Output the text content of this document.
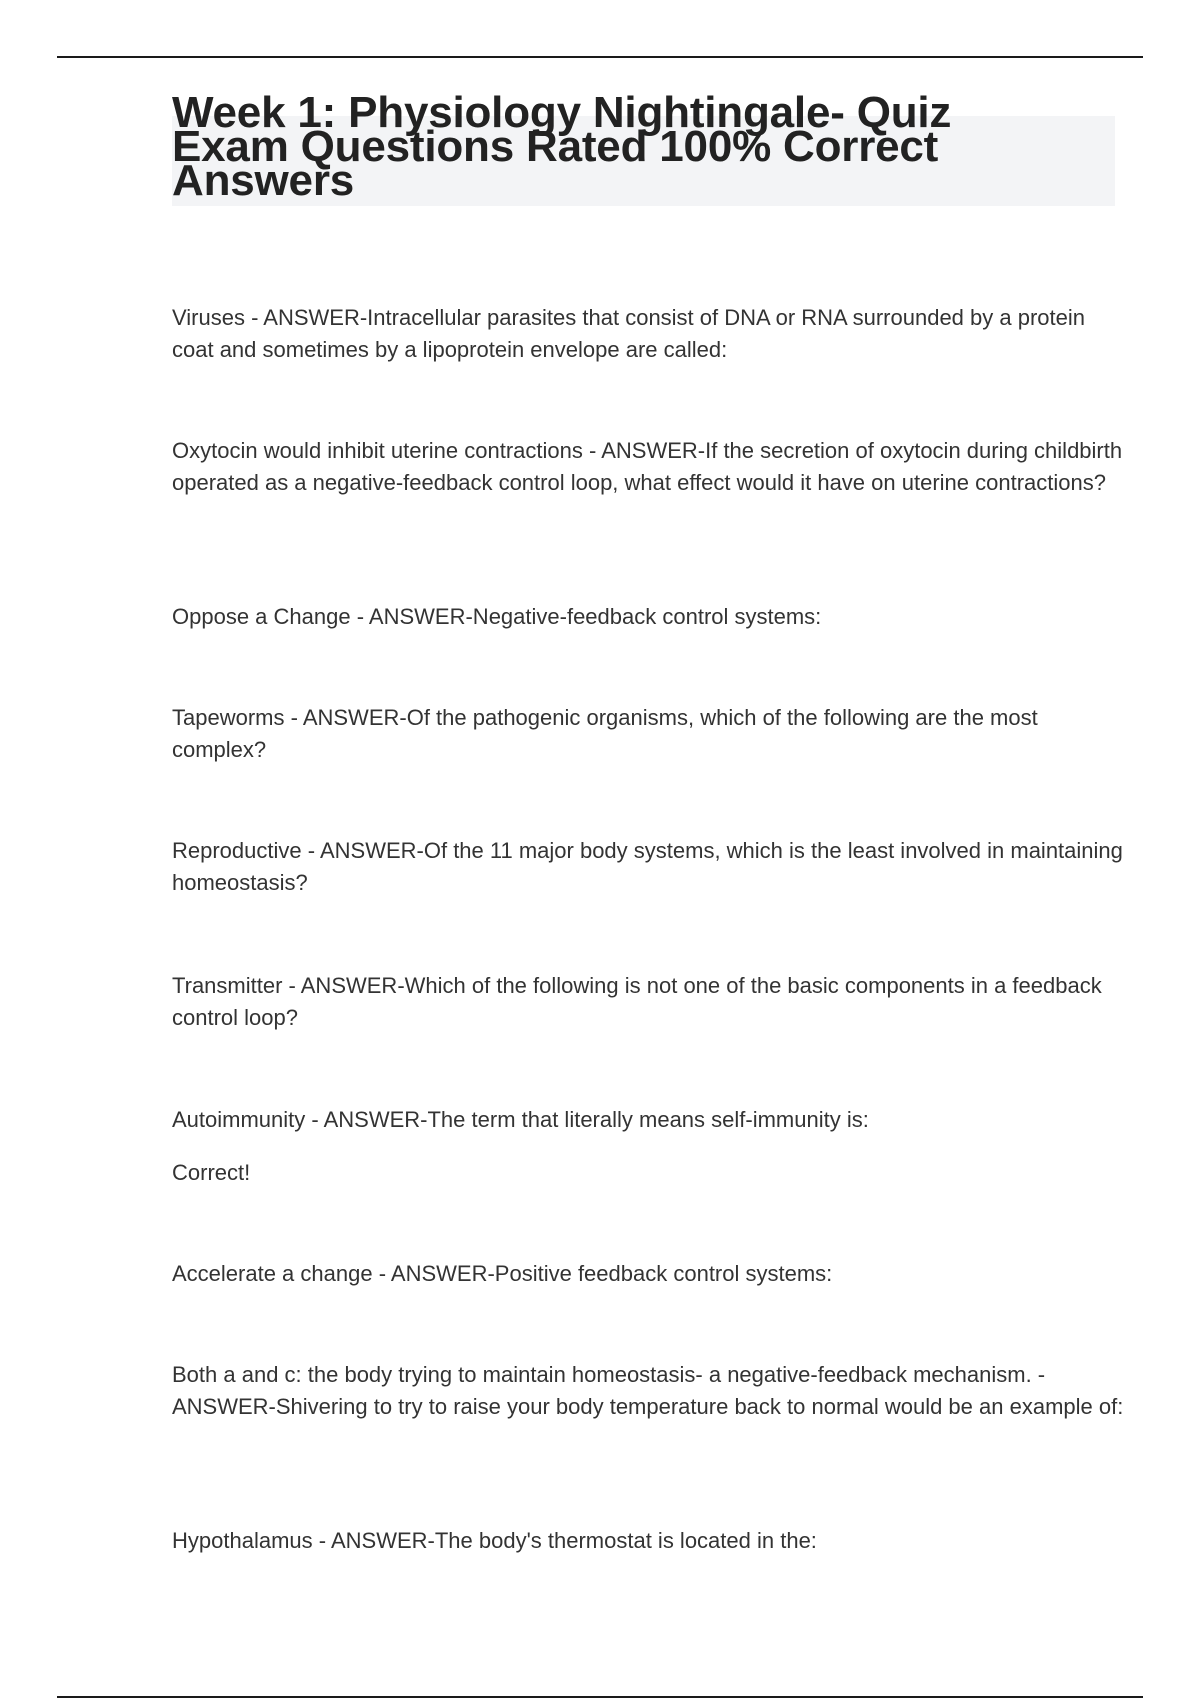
Week 1: Physiology Nightingale- Quiz Exam Questions Rated 100% Correct Answers

Viruses - ANSWER-Intracellular parasites that consist of DNA or RNA surrounded by a protein coat and sometimes by a lipoprotein envelope are called:

Oxytocin would inhibit uterine contractions - ANSWER-If the secretion of oxytocin during childbirth operated as a negative-feedback control loop, what effect would it have on uterine contractions?

Oppose a Change - ANSWER-Negative-feedback control systems:

Tapeworms - ANSWER-Of the pathogenic organisms, which of the following are the most complex?

Reproductive - ANSWER-Of the 11 major body systems, which is the least involved in maintaining homeostasis?

Transmitter - ANSWER-Which of the following is not one of the basic components in a feedback control loop?

Autoimmunity - ANSWER-The term that literally means self-immunity is:

Correct!

Accelerate a change - ANSWER-Positive feedback control systems:

Both a and c: the body trying to maintain homeostasis- a negative-feedback mechanism. - ANSWER-Shivering to try to raise your body temperature back to normal would be an example of:

Hypothalamus - ANSWER-The body's thermostat is located in the:
